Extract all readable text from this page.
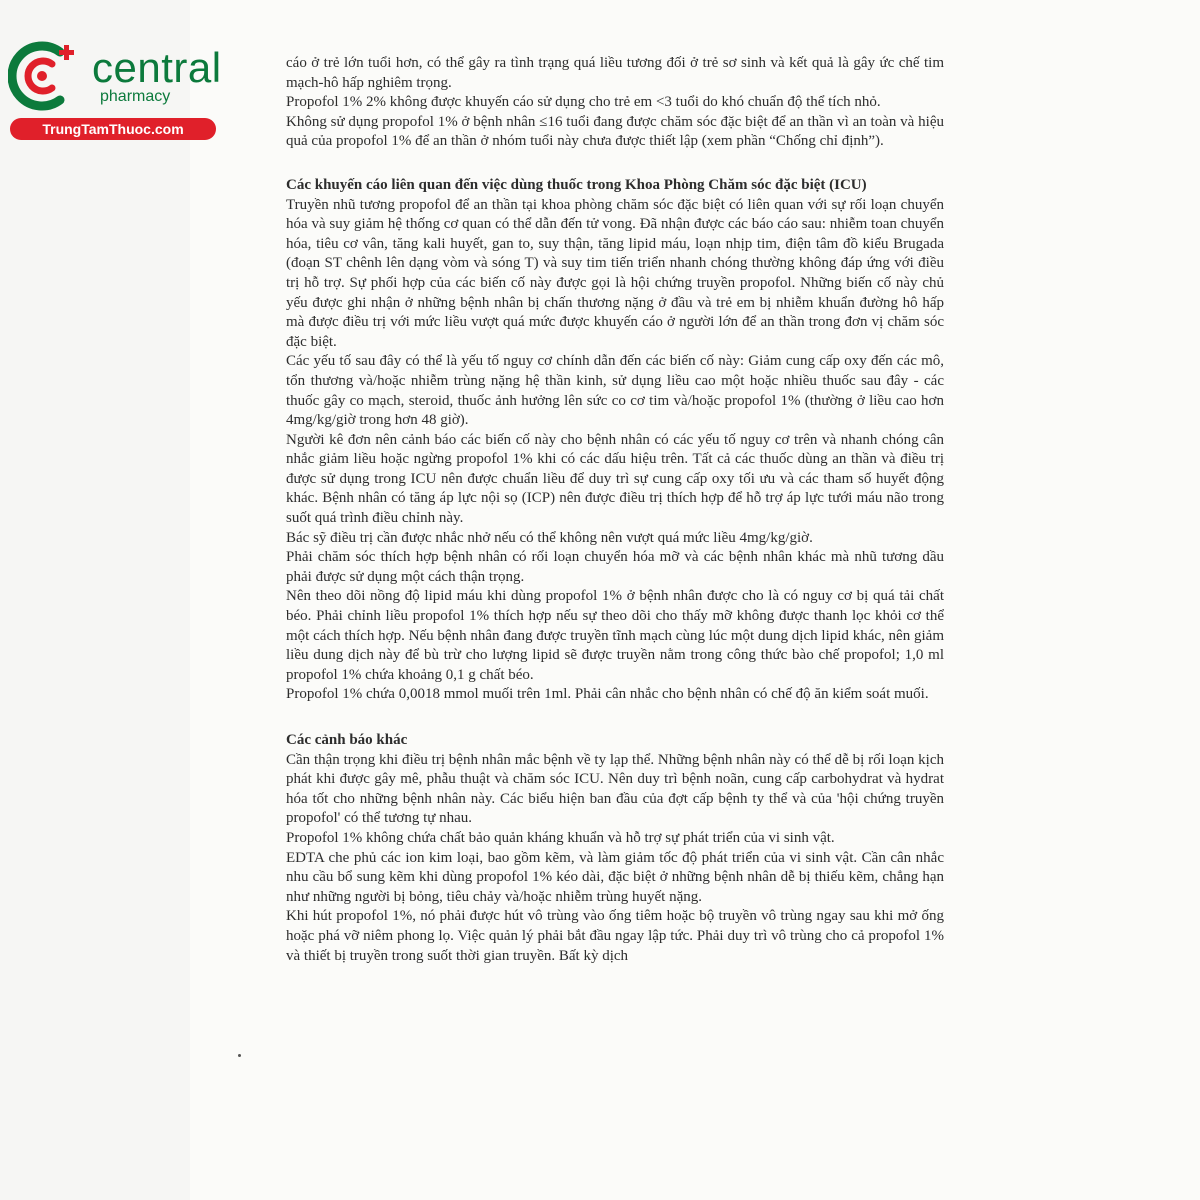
central
pharmacy
TrungTamThuoc.com

cáo ở trẻ lớn tuổi hơn, có thể gây ra tình trạng quá liều tương đối ở trẻ sơ sinh và kết quả là gây ức chế tim mạch-hô hấp nghiêm trọng.

Propofol 1% 2% không được khuyến cáo sử dụng cho trẻ em <3 tuổi do khó chuẩn độ thể tích nhỏ.

Không sử dụng propofol 1% ở bệnh nhân ≤16 tuổi đang được chăm sóc đặc biệt để an thần vì an toàn và hiệu quả của propofol 1% để an thần ở nhóm tuổi này chưa được thiết lập (xem phần “Chống chỉ định”).

Các khuyến cáo liên quan đến việc dùng thuốc trong Khoa Phòng Chăm sóc đặc biệt (ICU)

Truyền nhũ tương propofol để an thần tại khoa phòng chăm sóc đặc biệt có liên quan với sự rối loạn chuyển hóa và suy giảm hệ thống cơ quan có thể dẫn đến tử vong. Đã nhận được các báo cáo sau: nhiễm toan chuyển hóa, tiêu cơ vân, tăng kali huyết, gan to, suy thận, tăng lipid máu, loạn nhịp tim, điện tâm đồ kiểu Brugada (đoạn ST chênh lên dạng vòm và sóng T) và suy tim tiến triển nhanh chóng thường không đáp ứng với điều trị hỗ trợ. Sự phối hợp của các biến cố này được gọi là hội chứng truyền propofol. Những biến cố này chủ yếu được ghi nhận ở những bệnh nhân bị chấn thương nặng ở đầu và trẻ em bị nhiễm khuẩn đường hô hấp mà được điều trị với mức liều vượt quá mức được khuyến cáo ở người lớn để an thần trong đơn vị chăm sóc đặc biệt.

Các yếu tố sau đây có thể là yếu tố nguy cơ chính dẫn đến các biến cố này: Giảm cung cấp oxy đến các mô, tổn thương và/hoặc nhiễm trùng nặng hệ thần kinh, sử dụng liều cao một hoặc nhiều thuốc sau đây - các thuốc gây co mạch, steroid, thuốc ảnh hưởng lên sức co cơ tim và/hoặc propofol 1% (thường ở liều cao hơn 4mg/kg/giờ trong hơn 48 giờ).

Người kê đơn nên cảnh báo các biến cố này cho bệnh nhân có các yếu tố nguy cơ trên và nhanh chóng cân nhắc giảm liều hoặc ngừng propofol 1% khi có các dấu hiệu trên. Tất cả các thuốc dùng an thần và điều trị được sử dụng trong ICU nên được chuẩn liều để duy trì sự cung cấp oxy tối ưu và các tham số huyết động khác. Bệnh nhân có tăng áp lực nội sọ (ICP) nên được điều trị thích hợp để hỗ trợ áp lực tưới máu não trong suốt quá trình điều chỉnh này.

Bác sỹ điều trị cần được nhắc nhở nếu có thể không nên vượt quá mức liều 4mg/kg/giờ.

Phải chăm sóc thích hợp bệnh nhân có rối loạn chuyển hóa mỡ và các bệnh nhân khác mà nhũ tương dầu phải được sử dụng một cách thận trọng.

Nên theo dõi nồng độ lipid máu khi dùng propofol 1% ở bệnh nhân được cho là có nguy cơ bị quá tải chất béo. Phải chỉnh liều propofol 1% thích hợp nếu sự theo dõi cho thấy mỡ không được thanh lọc khỏi cơ thể một cách thích hợp. Nếu bệnh nhân đang được truyền tĩnh mạch cùng lúc một dung dịch lipid khác, nên giảm liều dung dịch này để bù trừ cho lượng lipid sẽ được truyền nằm trong công thức bào chế propofol; 1,0 ml propofol 1% chứa khoảng 0,1 g chất béo.

Propofol 1% chứa 0,0018 mmol muối trên 1ml. Phải cân nhắc cho bệnh nhân có chế độ ăn kiểm soát muối.

Các cảnh báo khác

Cần thận trọng khi điều trị bệnh nhân mắc bệnh về ty lạp thể. Những bệnh nhân này có thể dễ bị rối loạn kịch phát khi được gây mê, phẫu thuật và chăm sóc ICU. Nên duy trì bệnh noãn, cung cấp carbohydrat và hydrat hóa tốt cho những bệnh nhân này. Các biểu hiện ban đầu của đợt cấp bệnh ty thể và của 'hội chứng truyền propofol' có thể tương tự nhau.

Propofol 1% không chứa chất bảo quản kháng khuẩn và hỗ trợ sự phát triển của vi sinh vật.

EDTA che phủ các ion kim loại, bao gồm kẽm, và làm giảm tốc độ phát triển của vi sinh vật. Cần cân nhắc nhu cầu bổ sung kẽm khi dùng propofol 1% kéo dài, đặc biệt ở những bệnh nhân dễ bị thiếu kẽm, chẳng hạn như những người bị bỏng, tiêu chảy và/hoặc nhiễm trùng huyết nặng.

Khi hút propofol 1%, nó phải được hút vô trùng vào ống tiêm hoặc bộ truyền vô trùng ngay sau khi mở ống hoặc phá vỡ niêm phong lọ. Việc quản lý phải bắt đầu ngay lập tức. Phải duy trì vô trùng cho cả propofol 1% và thiết bị truyền trong suốt thời gian truyền. Bất kỳ dịch
